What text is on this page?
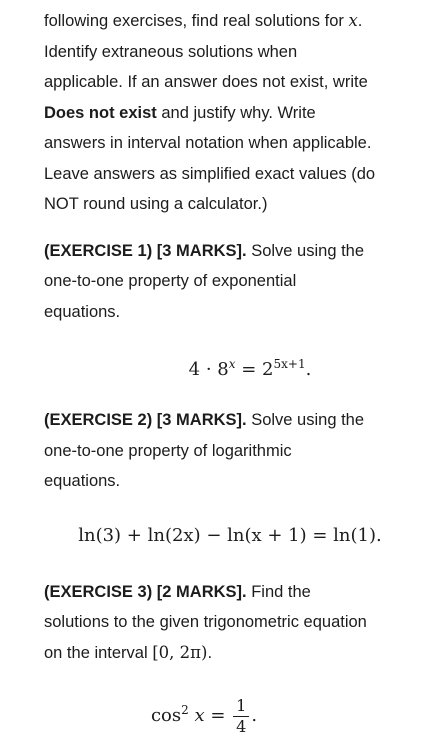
following exercises, find real solutions for x.

Identify extraneous solutions when

applicable. If an answer does not exist, write

Does not exist and justify why. Write

answers in interval notation when applicable.

Leave answers as simplified exact values (do

NOT round using a calculator.)

(EXERCISE 1) [3 MARKS]. Solve using the

one-to-one property of exponential

equations.

$4 \cdot 8^x = 2^{5x+1}$.

(EXERCISE 2) [3 MARKS]. Solve using the

one-to-one property of logarithmic

equations.

ln(3) + ln(2x) − ln(x + 1) = ln(1).

(EXERCISE 3) [2 MARKS]. Find the

solutions to the given trigonometric equation

on the interval [0, 2π).

$\cos^2 x = \frac{1}{4}$ .
